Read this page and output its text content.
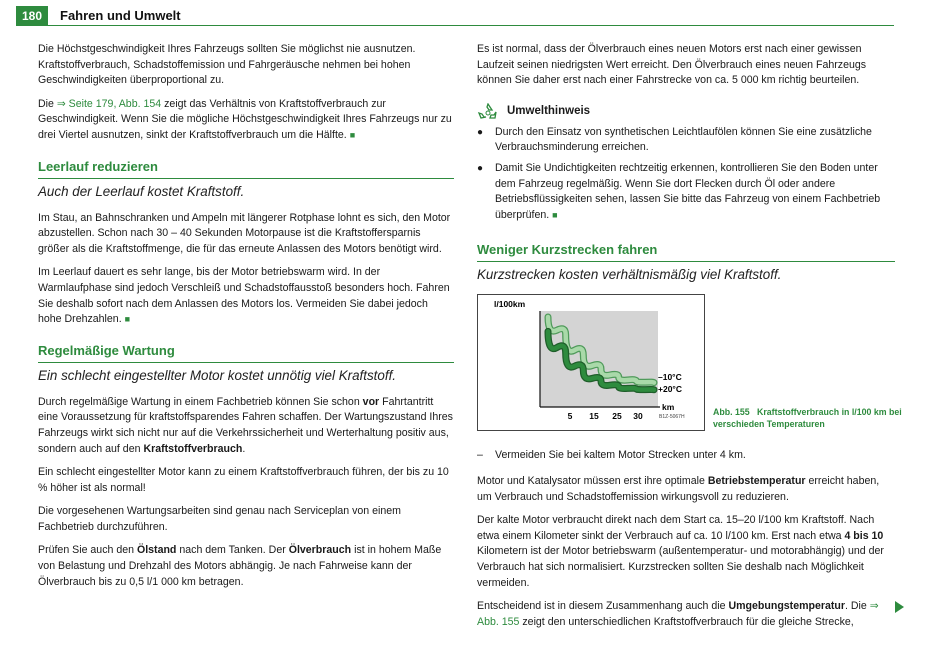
180	Fahren und Umwelt

Die Höchstgeschwindigkeit Ihres Fahrzeugs sollten Sie möglichst nie ausnutzen. Kraftstoffverbrauch, Schadstoffemission und Fahrgeräusche nehmen bei hohen Geschwindigkeiten überproportional zu.

Die ⇒ Seite 179, Abb. 154 zeigt das Verhältnis von Kraftstoffverbrauch zur Geschwindigkeit. Wenn Sie die mögliche Höchstgeschwindigkeit Ihres Fahrzeugs nur zu drei Viertel ausnutzen, sinkt der Kraftstoffverbrauch um die Hälfte. ■

Leerlauf reduzieren
Auch der Leerlauf kostet Kraftstoff.

Im Stau, an Bahnschranken und Ampeln mit längerer Rotphase lohnt es sich, den Motor abzustellen. Schon nach 30 – 40 Sekunden Motorpause ist die Kraftstoffersparnis größer als die Kraftstoffmenge, die für das erneute Anlassen des Motors benötigt wird.

Im Leerlauf dauert es sehr lange, bis der Motor betriebswarm wird. In der Warmlaufphase sind jedoch Verschleiß und Schadstoffausstoß besonders hoch. Fahren Sie deshalb sofort nach dem Anlassen des Motors los. Vermeiden Sie dabei jedoch hohe Drehzahlen. ■

Regelmäßige Wartung
Ein schlecht eingestellter Motor kostet unnötig viel Kraftstoff.

Durch regelmäßige Wartung in einem Fachbetrieb können Sie schon vor Fahrtantritt eine Voraussetzung für kraftstoffsparendes Fahren schaffen. Der Wartungszustand Ihres Fahrzeugs wirkt sich nicht nur auf die Verkehrssicherheit und Werterhaltung positiv aus, sondern auch auf den Kraftstoffverbrauch.

Ein schlecht eingestellter Motor kann zu einem Kraftstoffverbrauch führen, der bis zu 10 % höher ist als normal!

Die vorgesehenen Wartungsarbeiten sind genau nach Serviceplan von einem Fachbetrieb durchzuführen.

Prüfen Sie auch den Ölstand nach dem Tanken. Der Ölverbrauch ist in hohem Maße von Belastung und Drehzahl des Motors abhängig. Je nach Fahrweise kann der Ölverbrauch bis zu 0,5 l/1 000 km betragen.

Es ist normal, dass der Ölverbrauch eines neuen Motors erst nach einer gewissen Laufzeit seinen niedrigsten Wert erreicht. Den Ölverbrauch eines neuen Fahrzeugs können Sie daher erst nach einer Fahrstrecke von ca. 5 000 km richtig beurteilen.

Umwelthinweis
●	Durch den Einsatz von synthetischen Leichtlaufölen können Sie eine zusätzliche Verbrauchsminderung erreichen.
●	Damit Sie Undichtigkeiten rechtzeitig erkennen, kontrollieren Sie den Boden unter dem Fahrzeug regelmäßig. Wenn Sie dort Flecken durch Öl oder andere Betriebsflüssigkeiten sehen, lassen Sie bitte das Fahrzeug von einem Fachbetrieb überprüfen. ■
Weniger Kurzstrecken fahren
Kurzstrecken kosten verhältnismäßig viel Kraftstoff.
l/100km
km
B1Z-5067H
5 15 25 30
–10°C
+20°C
Abb. 155 Kraftstoffverbrauch in l/100 km bei verschieden Temperaturen
–	Vermeiden Sie bei kaltem Motor Strecken unter 4 km.

Motor und Katalysator müssen erst ihre optimale Betriebstemperatur erreicht haben, um Verbrauch und Schadstoffemission wirkungsvoll zu reduzieren.

Der kalte Motor verbraucht direkt nach dem Start ca. 15–20 l/100 km Kraftstoff. Nach etwa einem Kilometer sinkt der Verbrauch auf ca. 10 l/100 km. Erst nach etwa 4 bis 10 Kilometern ist der Motor betriebswarm (außentemperatur- und motorabhängig) und der Verbrauch hat sich normalisiert. Kurzstrecken sollten Sie deshalb nach Möglichkeit vermeiden.

Entscheidend ist in diesem Zusammenhang auch die Umgebungstemperatur. Die ⇒ Abb. 155 zeigt den unterschiedlichen Kraftstoffverbrauch für die gleiche Strecke,
